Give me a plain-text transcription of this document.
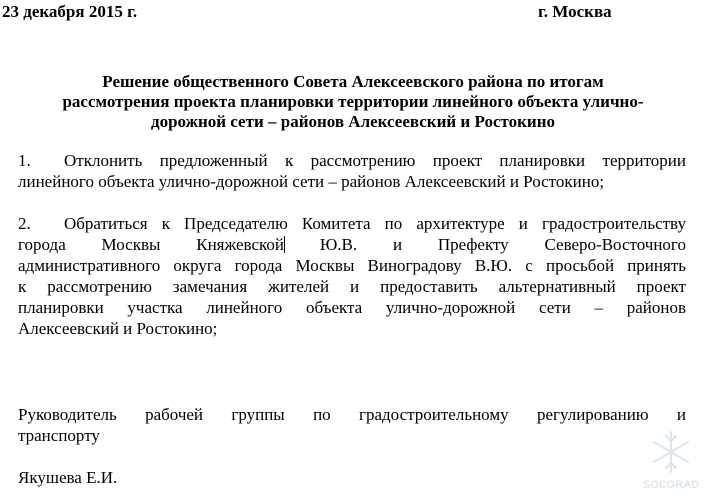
23 декабря 2015 г.	г. Москва
Решение общественного Совета Алексеевского района по итогам
рассмотрения проекта планировки территории линейного объекта улично-
дорожной сети – районов Алексеевский и Ростокино
1. Отклонить предложенный к рассмотрению проект планировки территории
линейного объекта улично-дорожной сети – районов Алексеевский и Ростокино;
2. Обратиться к Председателю Комитета по архитектуре и градостроительству
города Москвы Княжевской Ю.В. и Префекту Северо-Восточного
административного округа города Москвы Виноградову В.Ю. с просьбой принять
к рассмотрению замечания жителей и предоставить альтернативный проект
планировки участка линейного объекта улично-дорожной сети – районов
Алексеевский и Ростокино;
Руководитель рабочей группы по градостроительному регулированию и
транспорту
Якушева Е.И.	SOCGRAD
